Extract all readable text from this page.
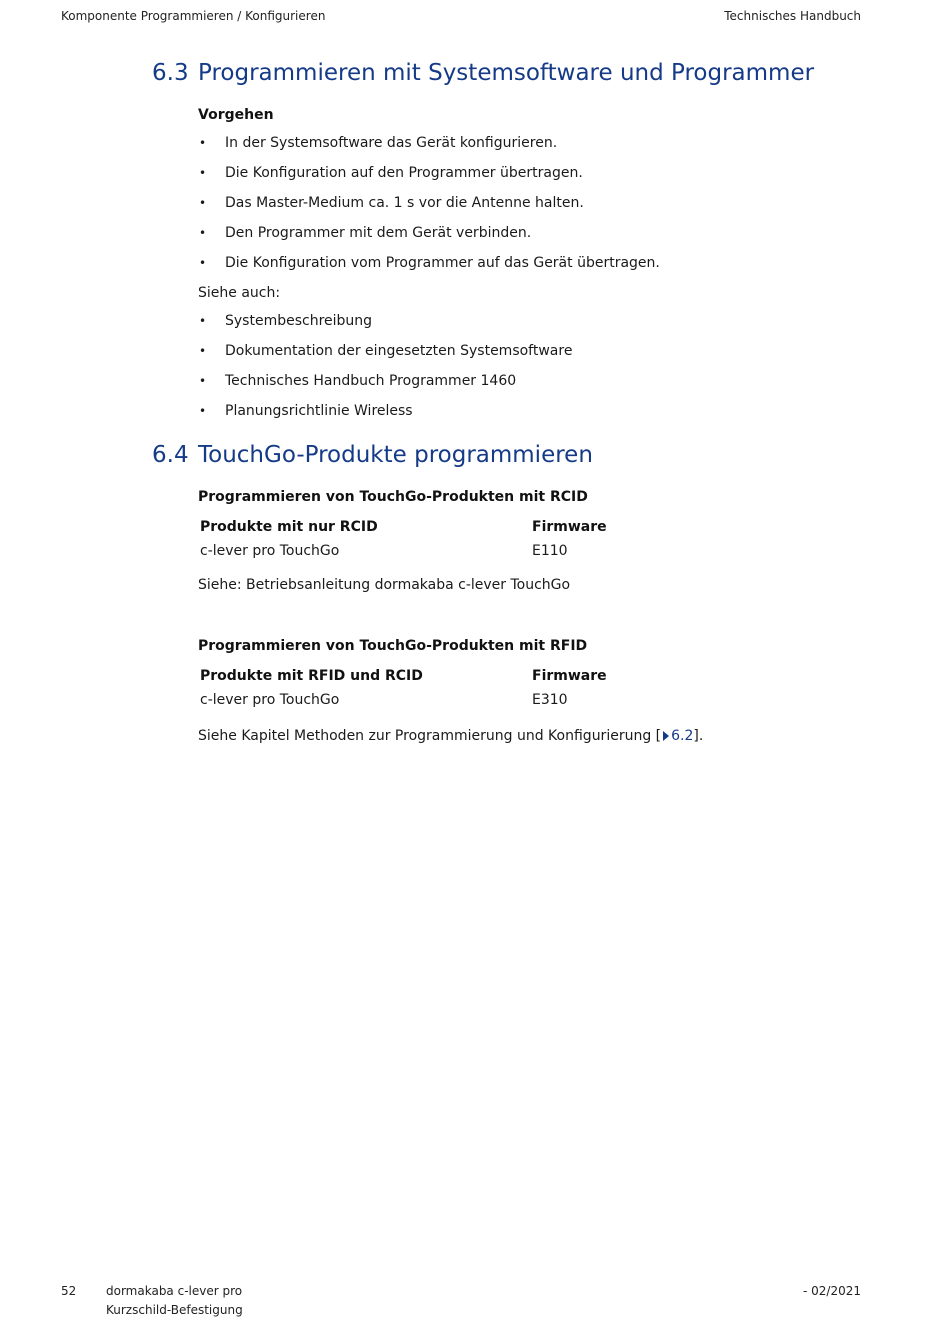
Komponente Programmieren / Konfigurieren	Technisches Handbuch
6.3 Programmieren mit Systemsoftware und Programmer

Vorgehen

• In der Systemsoftware das Gerät konfigurieren.
• Die Konfiguration auf den Programmer übertragen.
• Das Master-Medium ca. 1 s vor die Antenne halten.
• Den Programmer mit dem Gerät verbinden.
• Die Konfiguration vom Programmer auf das Gerät übertragen.

Siehe auch:

• Systembeschreibung
• Dokumentation der eingesetzten Systemsoftware
• Technisches Handbuch Programmer 1460
• Planungsrichtlinie Wireless
6.4 TouchGo-Produkte programmieren

Programmieren von TouchGo-Produkten mit RCID

Produkte mit nur RCID	Firmware
c-lever pro TouchGo	E110

Siehe: Betriebsanleitung dormakaba c-lever TouchGo

Programmieren von TouchGo-Produkten mit RFID

Produkte mit RFID und RCID	Firmware
c-lever pro TouchGo	E310

Siehe Kapitel Methoden zur Programmierung und Konfigurierung [ 6.2].

52 dormakaba c-lever pro
Kurzschild-Befestigung
- 02/2021
